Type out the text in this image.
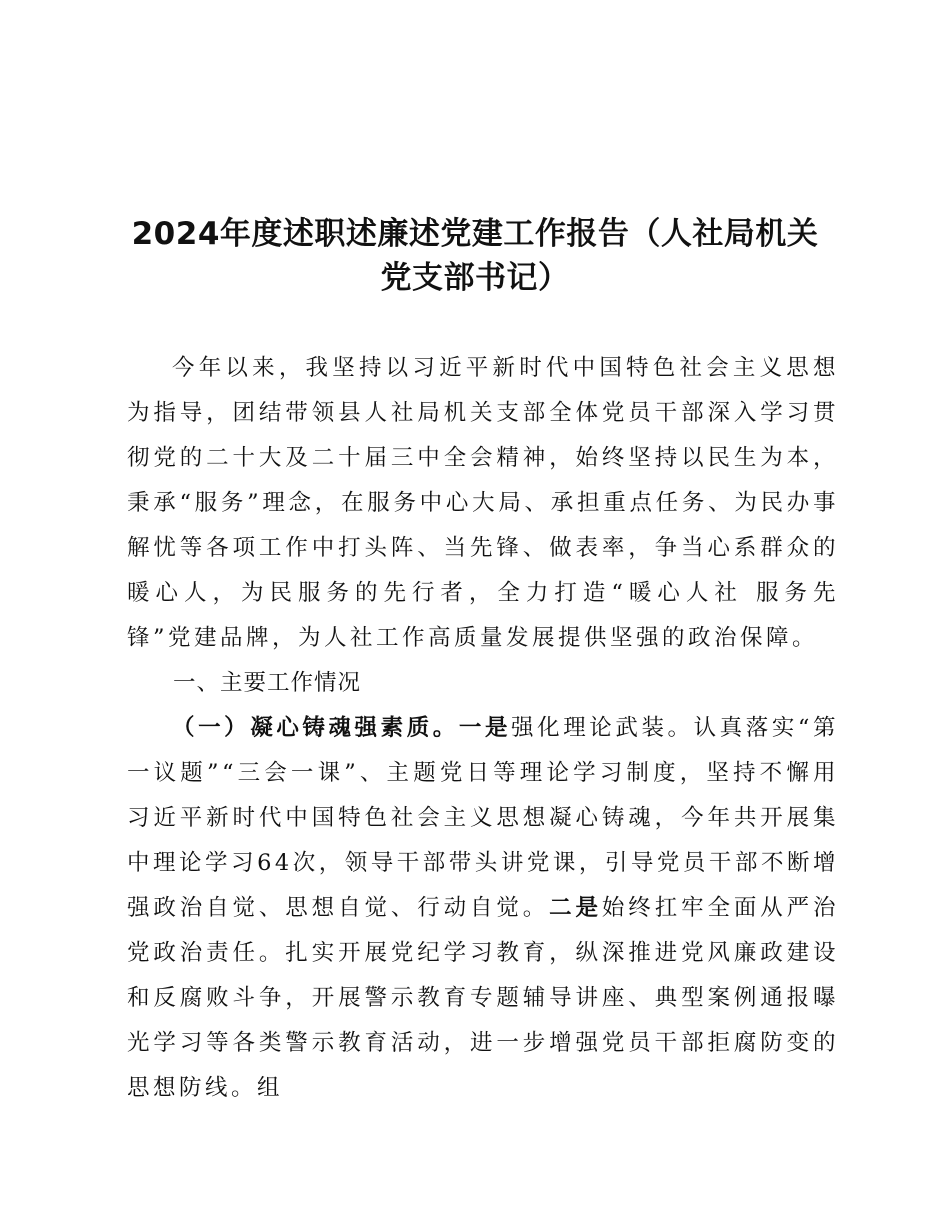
2024年度述职述廉述党建工作报告（人社局机关党支部书记）

今年以来，我坚持以习近平新时代中国特色社会主义思想为指导，团结带领县人社局机关支部全体党员干部深入学习贯彻党的二十大及二十届三中全会精神，始终坚持以民生为本，秉承“服务”理念，在服务中心大局、承担重点任务、为民办事解忧等各项工作中打头阵、当先锋、做表率，争当心系群众的暖心人，为民服务的先行者，全力打造“暖心人社 服务先锋”党建品牌，为人社工作高质量发展提供坚强的政治保障。

一、主要工作情况

（一）凝心铸魂强素质。一是强化理论武装。认真落实“第一议题”“三会一课”、主题党日等理论学习制度，坚持不懈用习近平新时代中国特色社会主义思想凝心铸魂，今年共开展集中理论学习64次，领导干部带头讲党课，引导党员干部不断增强政治自觉、思想自觉、行动自觉。二是始终扛牢全面从严治党政治责任。扎实开展党纪学习教育，纵深推进党风廉政建设和反腐败斗争，开展警示教育专题辅导讲座、典型案例通报曝光学习等各类警示教育活动，进一步增强党员干部拒腐防变的思想防线。组
